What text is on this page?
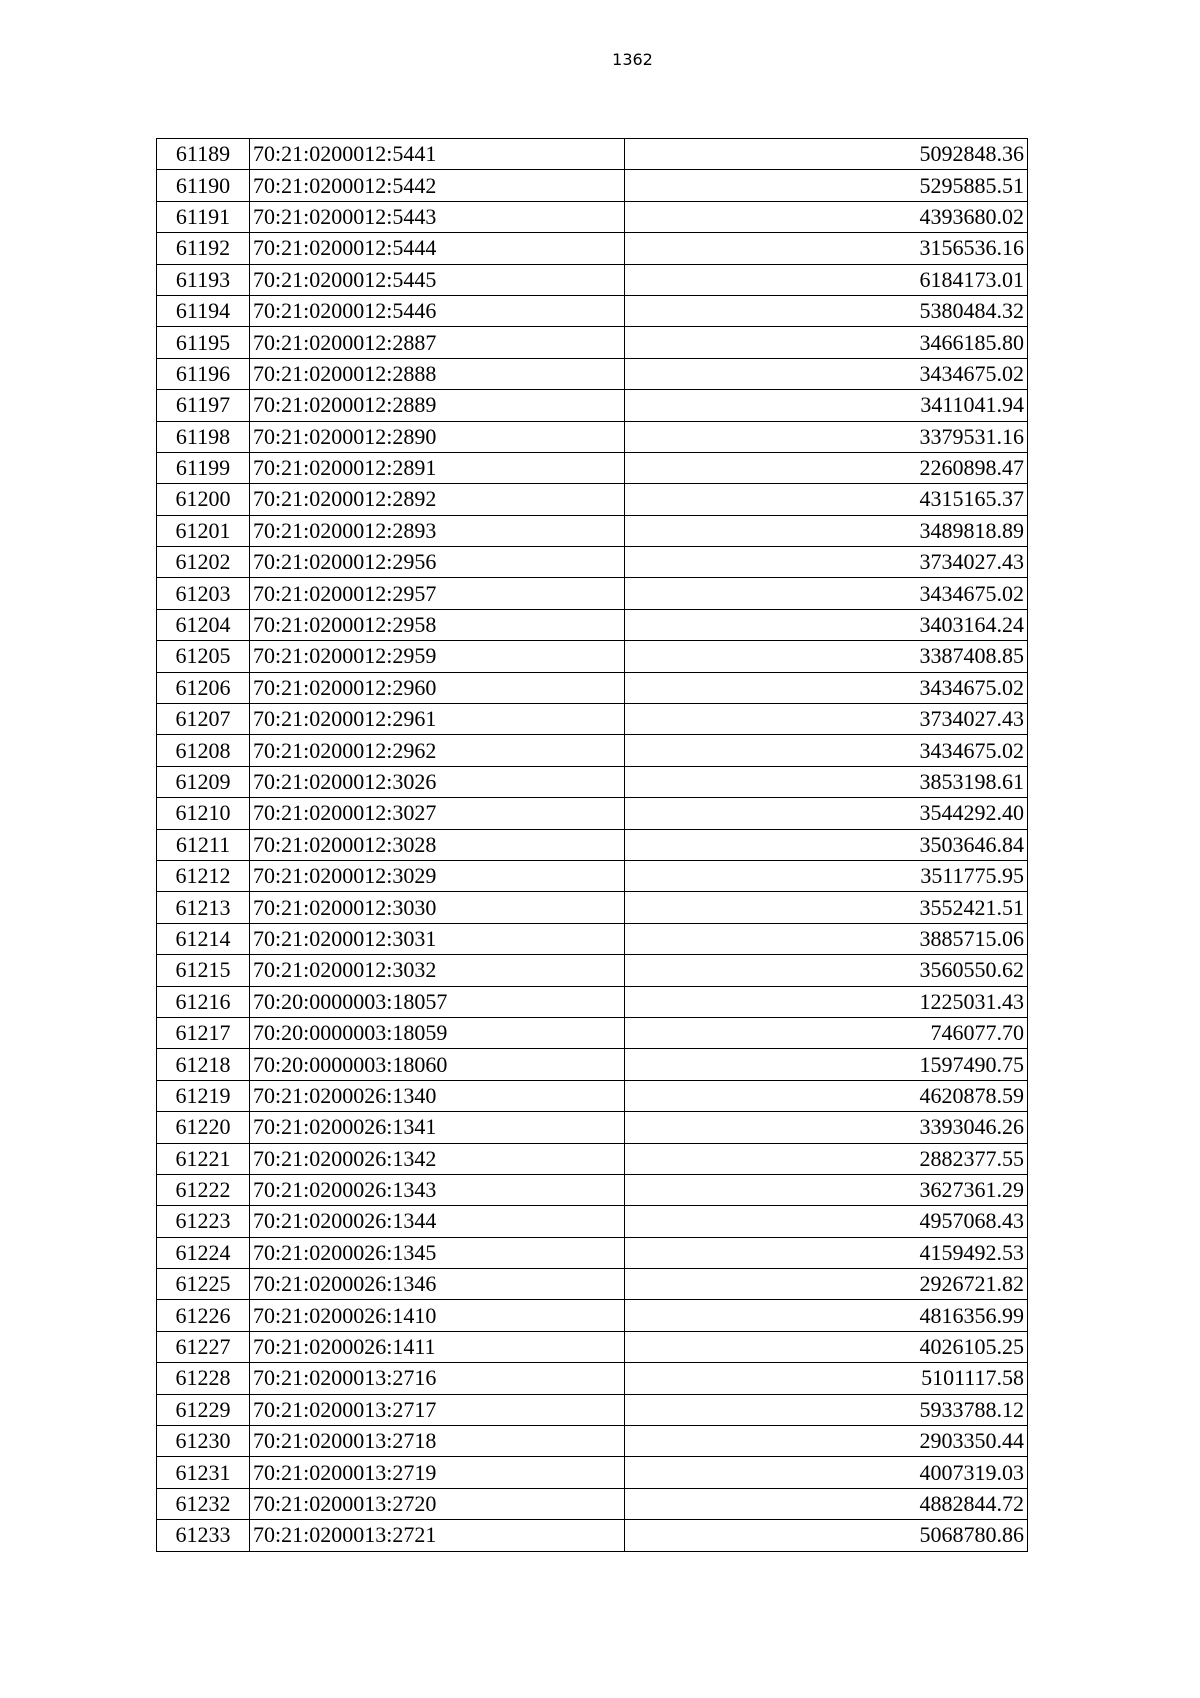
1362
61189	70:21:0200012:5441	5092848.36
61190	70:21:0200012:5442	5295885.51
61191	70:21:0200012:5443	4393680.02
61192	70:21:0200012:5444	3156536.16
61193	70:21:0200012:5445	6184173.01
61194	70:21:0200012:5446	5380484.32
61195	70:21:0200012:2887	3466185.80
61196	70:21:0200012:2888	3434675.02
61197	70:21:0200012:2889	3411041.94
61198	70:21:0200012:2890	3379531.16
61199	70:21:0200012:2891	2260898.47
61200	70:21:0200012:2892	4315165.37
61201	70:21:0200012:2893	3489818.89
61202	70:21:0200012:2956	3734027.43
61203	70:21:0200012:2957	3434675.02
61204	70:21:0200012:2958	3403164.24
61205	70:21:0200012:2959	3387408.85
61206	70:21:0200012:2960	3434675.02
61207	70:21:0200012:2961	3734027.43
61208	70:21:0200012:2962	3434675.02
61209	70:21:0200012:3026	3853198.61
61210	70:21:0200012:3027	3544292.40
61211	70:21:0200012:3028	3503646.84
61212	70:21:0200012:3029	3511775.95
61213	70:21:0200012:3030	3552421.51
61214	70:21:0200012:3031	3885715.06
61215	70:21:0200012:3032	3560550.62
61216	70:20:0000003:18057	1225031.43
61217	70:20:0000003:18059	746077.70
61218	70:20:0000003:18060	1597490.75
61219	70:21:0200026:1340	4620878.59
61220	70:21:0200026:1341	3393046.26
61221	70:21:0200026:1342	2882377.55
61222	70:21:0200026:1343	3627361.29
61223	70:21:0200026:1344	4957068.43
61224	70:21:0200026:1345	4159492.53
61225	70:21:0200026:1346	2926721.82
61226	70:21:0200026:1410	4816356.99
61227	70:21:0200026:1411	4026105.25
61228	70:21:0200013:2716	5101117.58
61229	70:21:0200013:2717	5933788.12
61230	70:21:0200013:2718	2903350.44
61231	70:21:0200013:2719	4007319.03
61232	70:21:0200013:2720	4882844.72
61233	70:21:0200013:2721	5068780.86
